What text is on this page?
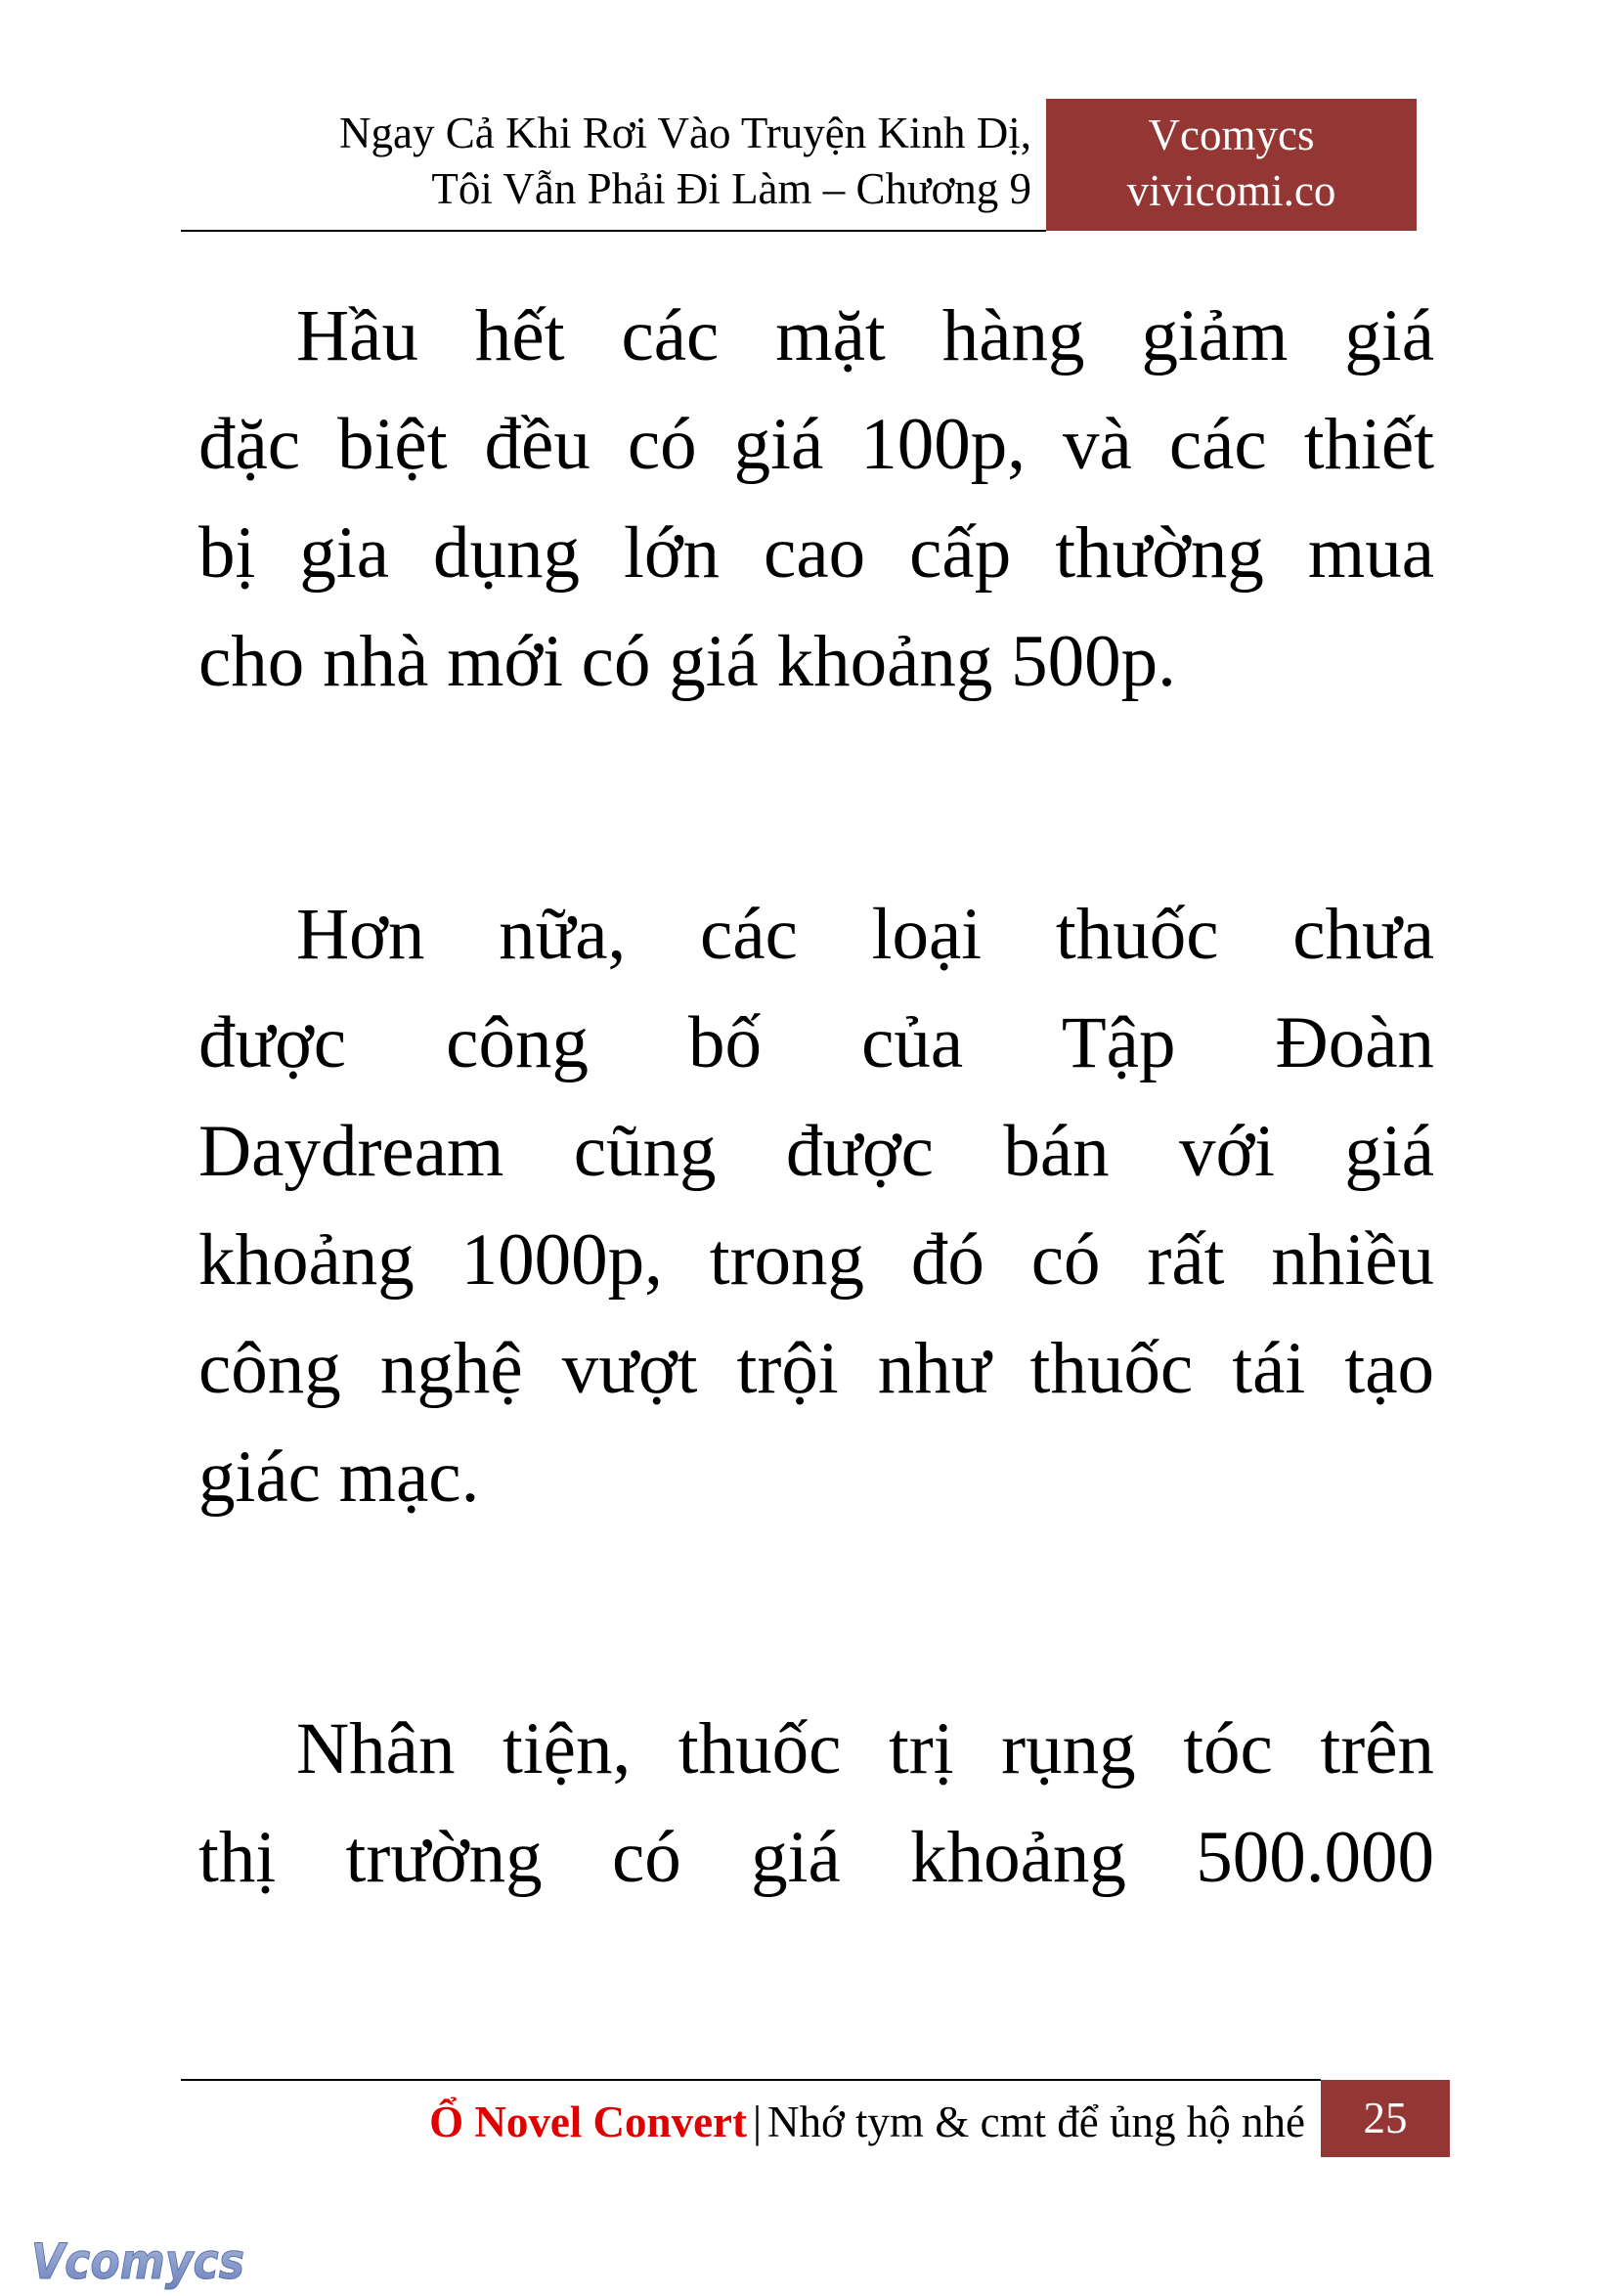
Ngay Cả Khi Rơi Vào Truyện Kinh Dị,
Tôi Vẫn Phải Đi Làm – Chương 9
Vcomycs
vivicomi.co
Hầu hết các mặt hàng giảm giá
đặc biệt đều có giá 100p, và các thiết
bị gia dụng lớn cao cấp thường mua
cho nhà mới có giá khoảng 500p.
Hơn nữa, các loại thuốc chưa
được công bố của Tập Đoàn
Daydream cũng được bán với giá
khoảng 1000p, trong đó có rất nhiều
công nghệ vượt trội như thuốc tái tạo
giác mạc.
Nhân tiện, thuốc trị rụng tóc trên
thị trường có giá khoảng 500.000
Ổ Novel Convert | Nhớ tym & cmt để ủng hộ nhé	25
Vcomycs
